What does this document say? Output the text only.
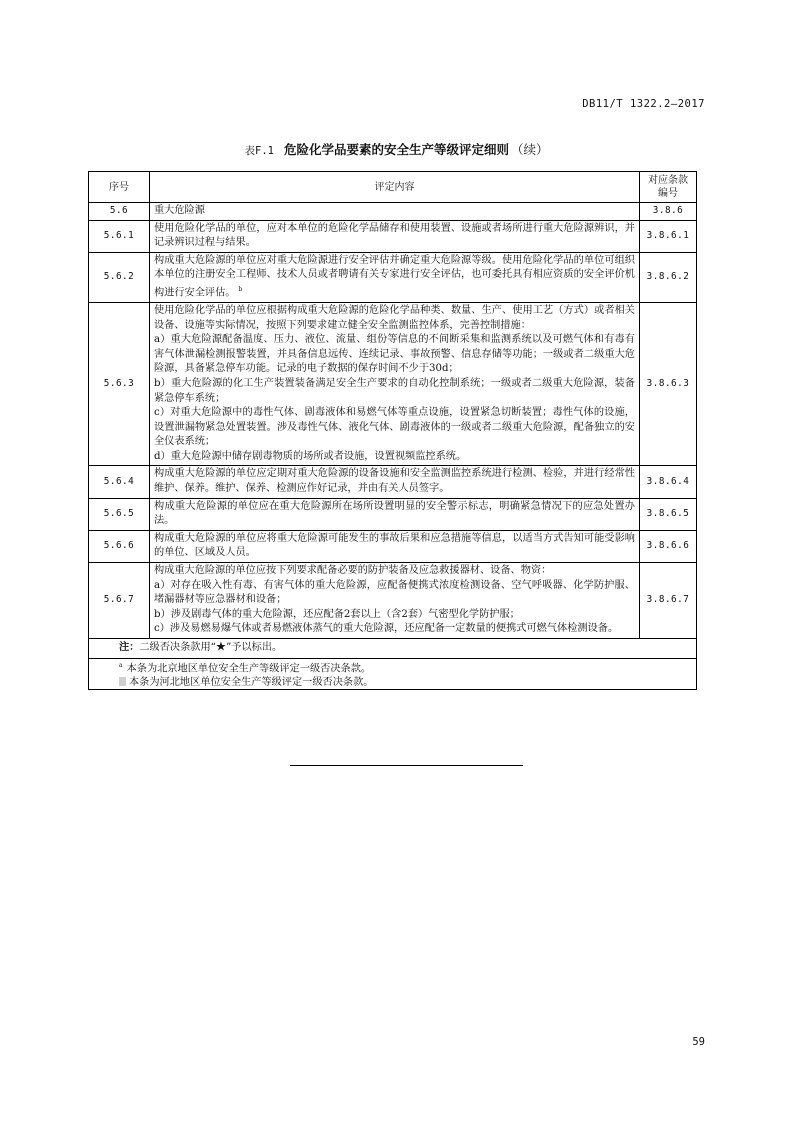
DB11/T 1322.2—2017
表F.1 危险化学品要素的安全生产等级评定细则 （续）
序号	评定内容	对应条款编号
5.6	重大危险源	3.8.6
5.6.1	使用危险化学品的单位，应对本单位的危险化学品储存和使用装置、设施或者场所进行重大危险源辨识，并记录辨识过程与结果。	3.8.6.1
5.6.2	构成重大危险源的单位应对重大危险源进行安全评估并确定重大危险源等级。使用危险化学品的单位可组织本单位的注册安全工程师、技术人员或者聘请有关专家进行安全评估，也可委托具有相应资质的安全评价机构进行安全评估。 $^b$	3.8.6.2
5.6.3	使用危险化学品的单位应根据构成重大危险源的危险化学品种类、数量、生产、使用工艺（方式）或者相关设备、设施等实际情况，按照下列要求建立健全安全监测监控体系，完善控制措施：
a）重大危险源配备温度、压力、液位、流量、组份等信息的不间断采集和监测系统以及可燃气体和有毒有害气体泄漏检测报警装置，并具备信息远传、连续记录、事故预警、信息存储等功能；一级或者二级重大危险源，具备紧急停车功能。记录的电子数据的保存时间不少于30d；
b）重大危险源的化工生产装置装备满足安全生产要求的自动化控制系统；一级或者二级重大危险源，装备紧急停车系统；
c）对重大危险源中的毒性气体、剧毒液体和易燃气体等重点设施，设置紧急切断装置；毒性气体的设施，设置泄漏物紧急处置装置。涉及毒性气体、液化气体、剧毒液体的一级或者二级重大危险源，配备独立的安全仪表系统；
d）重大危险源中储存剧毒物质的场所或者设施，设置视频监控系统。	3.8.6.3
5.6.4	构成重大危险源的单位应定期对重大危险源的设备设施和安全监测监控系统进行检测、检验，并进行经常性维护、保养。维护、保养、检测应作好记录，并由有关人员签字。	3.8.6.4
5.6.5	构成重大危险源的单位应在重大危险源所在场所设置明显的安全警示标志，明确紧急情况下的应急处置办法。	3.8.6.5
5.6.6	构成重大危险源的单位应将重大危险源可能发生的事故后果和应急措施等信息，以适当方式告知可能受影响的单位、区域及人员。	3.8.6.6
5.6.7	构成重大危险源的单位应按下列要求配备必要的防护装备及应急救援器材、设备、物资：
a）对存在吸入性有毒、有害气体的重大危险源，应配备便携式浓度检测设备、空气呼吸器、化学防护服、堵漏器材等应急器材和设备；
b）涉及剧毒气体的重大危险源，还应配备2套以上（含2套）气密型化学防护服；
c）涉及易燃易爆气体或者易燃液体蒸气的重大危险源，还应配备一定数量的便携式可燃气体检测设备。	3.8.6.7
注：二级否决条款用“★”予以标出。		

$^a$ 本条为北京地区单位安全生产等级评定一级否决条款。
本条为河北地区单位安全生产等级评定一级否决条款。		
59
